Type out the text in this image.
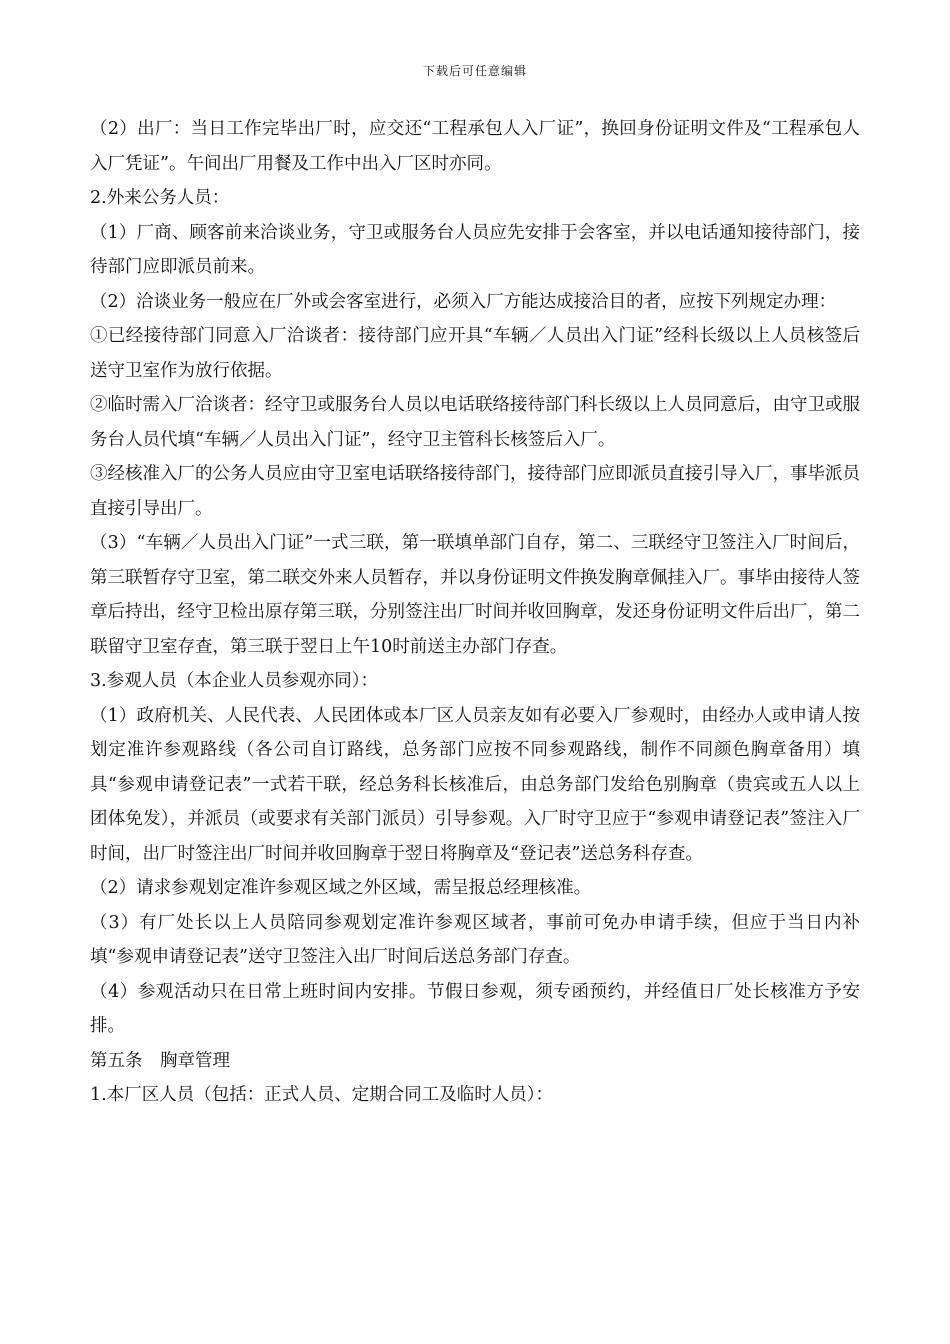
下载后可任意编辑

（2）出厂：当日工作完毕出厂时，应交还“工程承包人入厂证”，换回身份证明文件及“工程承包人入厂凭证”。午间出厂用餐及工作中出入厂区时亦同。

2.外来公务人员：

（1）厂商、顾客前来洽谈业务，守卫或服务台人员应先安排于会客室，并以电话通知接待部门，接待部门应即派员前来。

（2）洽谈业务一般应在厂外或会客室进行，必须入厂方能达成接洽目的者，应按下列规定办理：

①已经接待部门同意入厂洽谈者：接待部门应开具“车辆／人员出入门证”经科长级以上人员核签后送守卫室作为放行依据。

②临时需入厂洽谈者：经守卫或服务台人员以电话联络接待部门科长级以上人员同意后，由守卫或服务台人员代填“车辆／人员出入门证”，经守卫主管科长核签后入厂。

③经核准入厂的公务人员应由守卫室电话联络接待部门，接待部门应即派员直接引导入厂，事毕派员直接引导出厂。

（3）“车辆／人员出入门证”一式三联，第一联填单部门自存，第二、三联经守卫签注入厂时间后，第三联暂存守卫室，第二联交外来人员暂存，并以身份证明文件换发胸章佩挂入厂。事毕由接待人签章后持出，经守卫检出原存第三联，分别签注出厂时间并收回胸章，发还身份证明文件后出厂，第二联留守卫室存查，第三联于翌日上午10时前送主办部门存查。

3.参观人员（本企业人员参观亦同）：

（1）政府机关、人民代表、人民团体或本厂区人员亲友如有必要入厂参观时，由经办人或申请人按划定准许参观路线（各公司自订路线，总务部门应按不同参观路线，制作不同颜色胸章备用）填具“参观申请登记表”一式若干联，经总务科长核准后，由总务部门发给色别胸章（贵宾或五人以上团体免发），并派员（或要求有关部门派员）引导参观。入厂时守卫应于“参观申请登记表”签注入厂时间，出厂时签注出厂时间并收回胸章于翌日将胸章及“登记表”送总务科存查。

（2）请求参观划定准许参观区域之外区域，需呈报总经理核准。

（3）有厂处长以上人员陪同参观划定准许参观区域者，事前可免办申请手续，但应于当日内补填“参观申请登记表”送守卫签注入出厂时间后送总务部门存查。

（4）参观活动只在日常上班时间内安排。节假日参观，须专函预约，并经值日厂处长核准方予安排。

第五条　胸章管理

1.本厂区人员（包括：正式人员、定期合同工及临时人员）：
